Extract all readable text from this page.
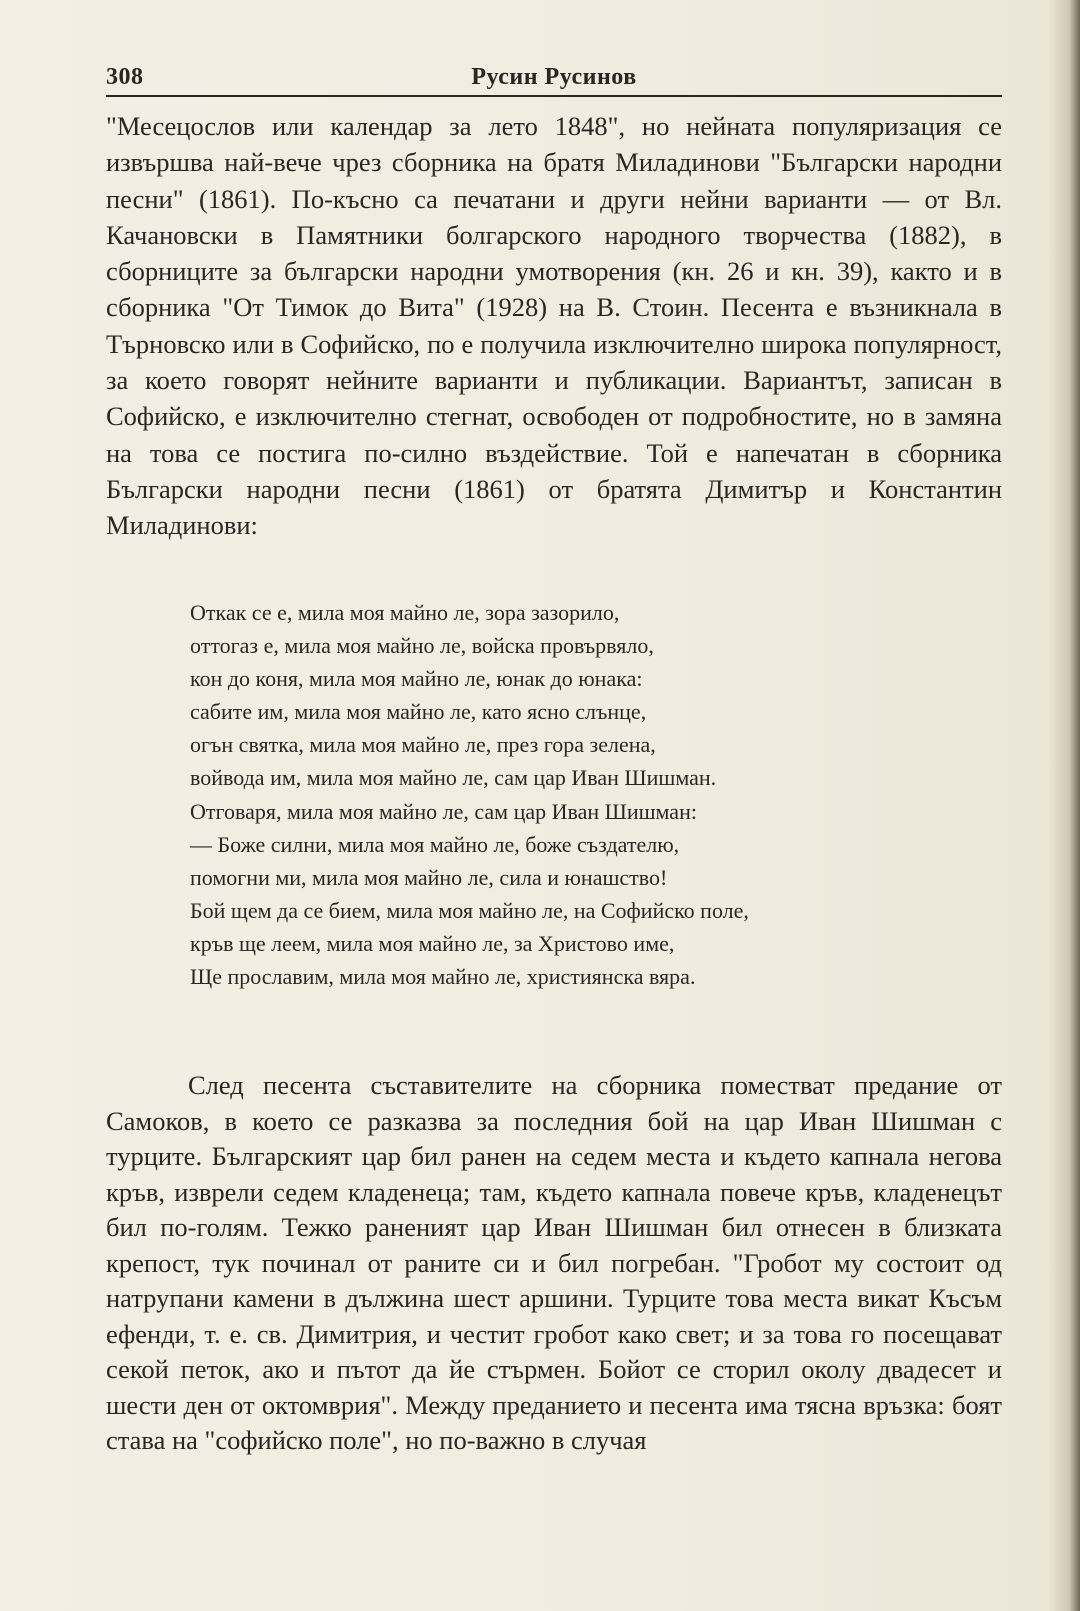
308	Русин Русинов

"Месецослов или календар за лето 1848", но нейната популяризация се извършва най-вече чрез сборника на братя Миладинови "Български народни песни" (1861). По-късно са печатани и други нейни варианти — от Вл. Качановски в Памятники болгарского народного творчества (1882), в сборниците за български народни умотворения (кн. 26 и кн. 39), както и в сборника "От Тимок до Вита" (1928) на В. Стоин. Песента е възникнала в Търновско или в Софийско, по е получила изключително широка популярност, за което говорят нейните варианти и публикации. Вариантът, записан в Софийско, е изключително стегнат, освободен от подробностите, но в замяна на това се постига по-силно въздействие. Той е напечатан в сборника Български народни песни (1861) от братята Димитър и Константин Миладинови:

Откак се е, мила моя майно ле, зора зазорило,
оттогаз е, мила моя майно ле, войска провървяло,
кон до коня, мила моя майно ле, юнак до юнака:
сабите им, мила моя майно ле, като ясно слънце,
огън святка, мила моя майно ле, през гора зелена,
войвода им, мила моя майно ле, сам цар Иван Шишман.
Отговаря, мила моя майно ле, сам цар Иван Шишман:
— Боже силни, мила моя майно ле, боже създателю,
помогни ми, мила моя майно ле, сила и юнашство!
Бой щем да се бием, мила моя майно ле, на Софийско поле,
кръв ще леем, мила моя майно ле, за Христово име,
Ще прославим, мила моя майно ле, християнска вяра.

След песента съставителите на сборника поместват предание от Самоков, в което се разказва за последния бой на цар Иван Шишман с турците. Българският цар бил ранен на седем места и където капнала негова кръв, изврели седем кладенеца; там, където капнала повече кръв, кладенецът бил по-голям. Тежко раненият цар Иван Шишман бил отнесен в близката крепост, тук починал от раните си и бил погребан. "Гробот му состоит од натрупани камени в дължина шест аршини. Турците това места викат Късъм ефенди, т. е. св. Димитрия, и честит гробот како свет; и за това го посещават секой петок, ако и пътот да йе стърмен. Бойот се сторил околу двадесет и шести ден от октомврия". Между преданието и песента има тясна връзка: боят става на "софийско поле", но по-важно в случая
